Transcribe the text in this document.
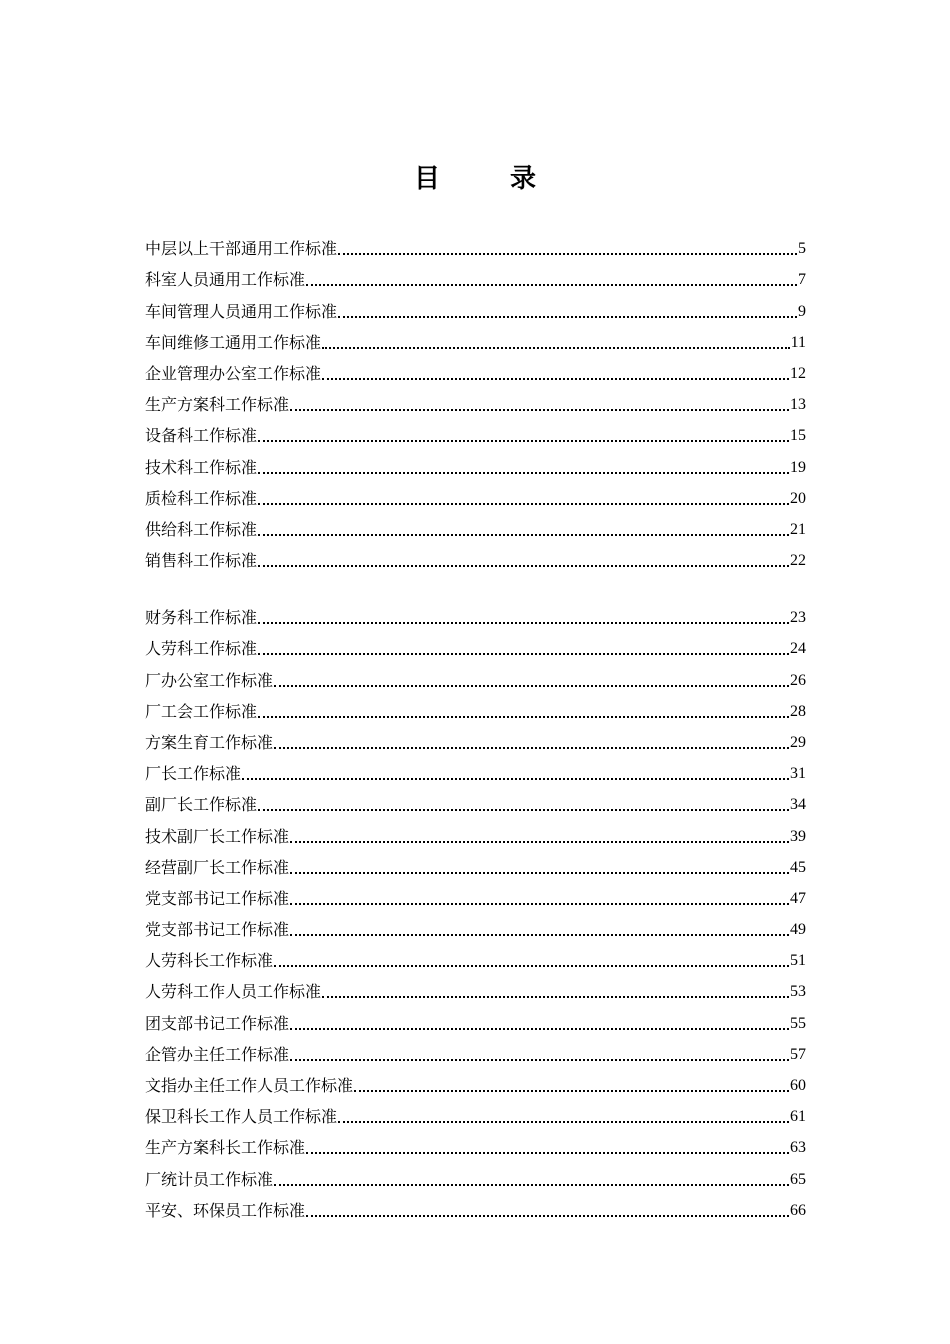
目	录
中层以上干部通用工作标准	5
科室人员通用工作标准	7
车间管理人员通用工作标准	9
车间维修工通用工作标准	11
企业管理办公室工作标准	12
生产方案科工作标准	13
设备科工作标准	15
技术科工作标准	19
质检科工作标准	20
供给科工作标准	21
销售科工作标准	22
财务科工作标准	23
人劳科工作标准	24
厂办公室工作标准	26
厂工会工作标准	28
方案生育工作标准	29
厂长工作标准	31
副厂长工作标准	34
技术副厂长工作标准	39
经营副厂长工作标准	45
党支部书记工作标准	47
党支部书记工作标准	49
人劳科长工作标准	51
人劳科工作人员工作标准	53
团支部书记工作标准	55
企管办主任工作标准	57
文指办主任工作人员工作标准	60
保卫科长工作人员工作标准	61
生产方案科长工作标准	63
厂统计员工作标准	65
平安、环保员工作标准	66
